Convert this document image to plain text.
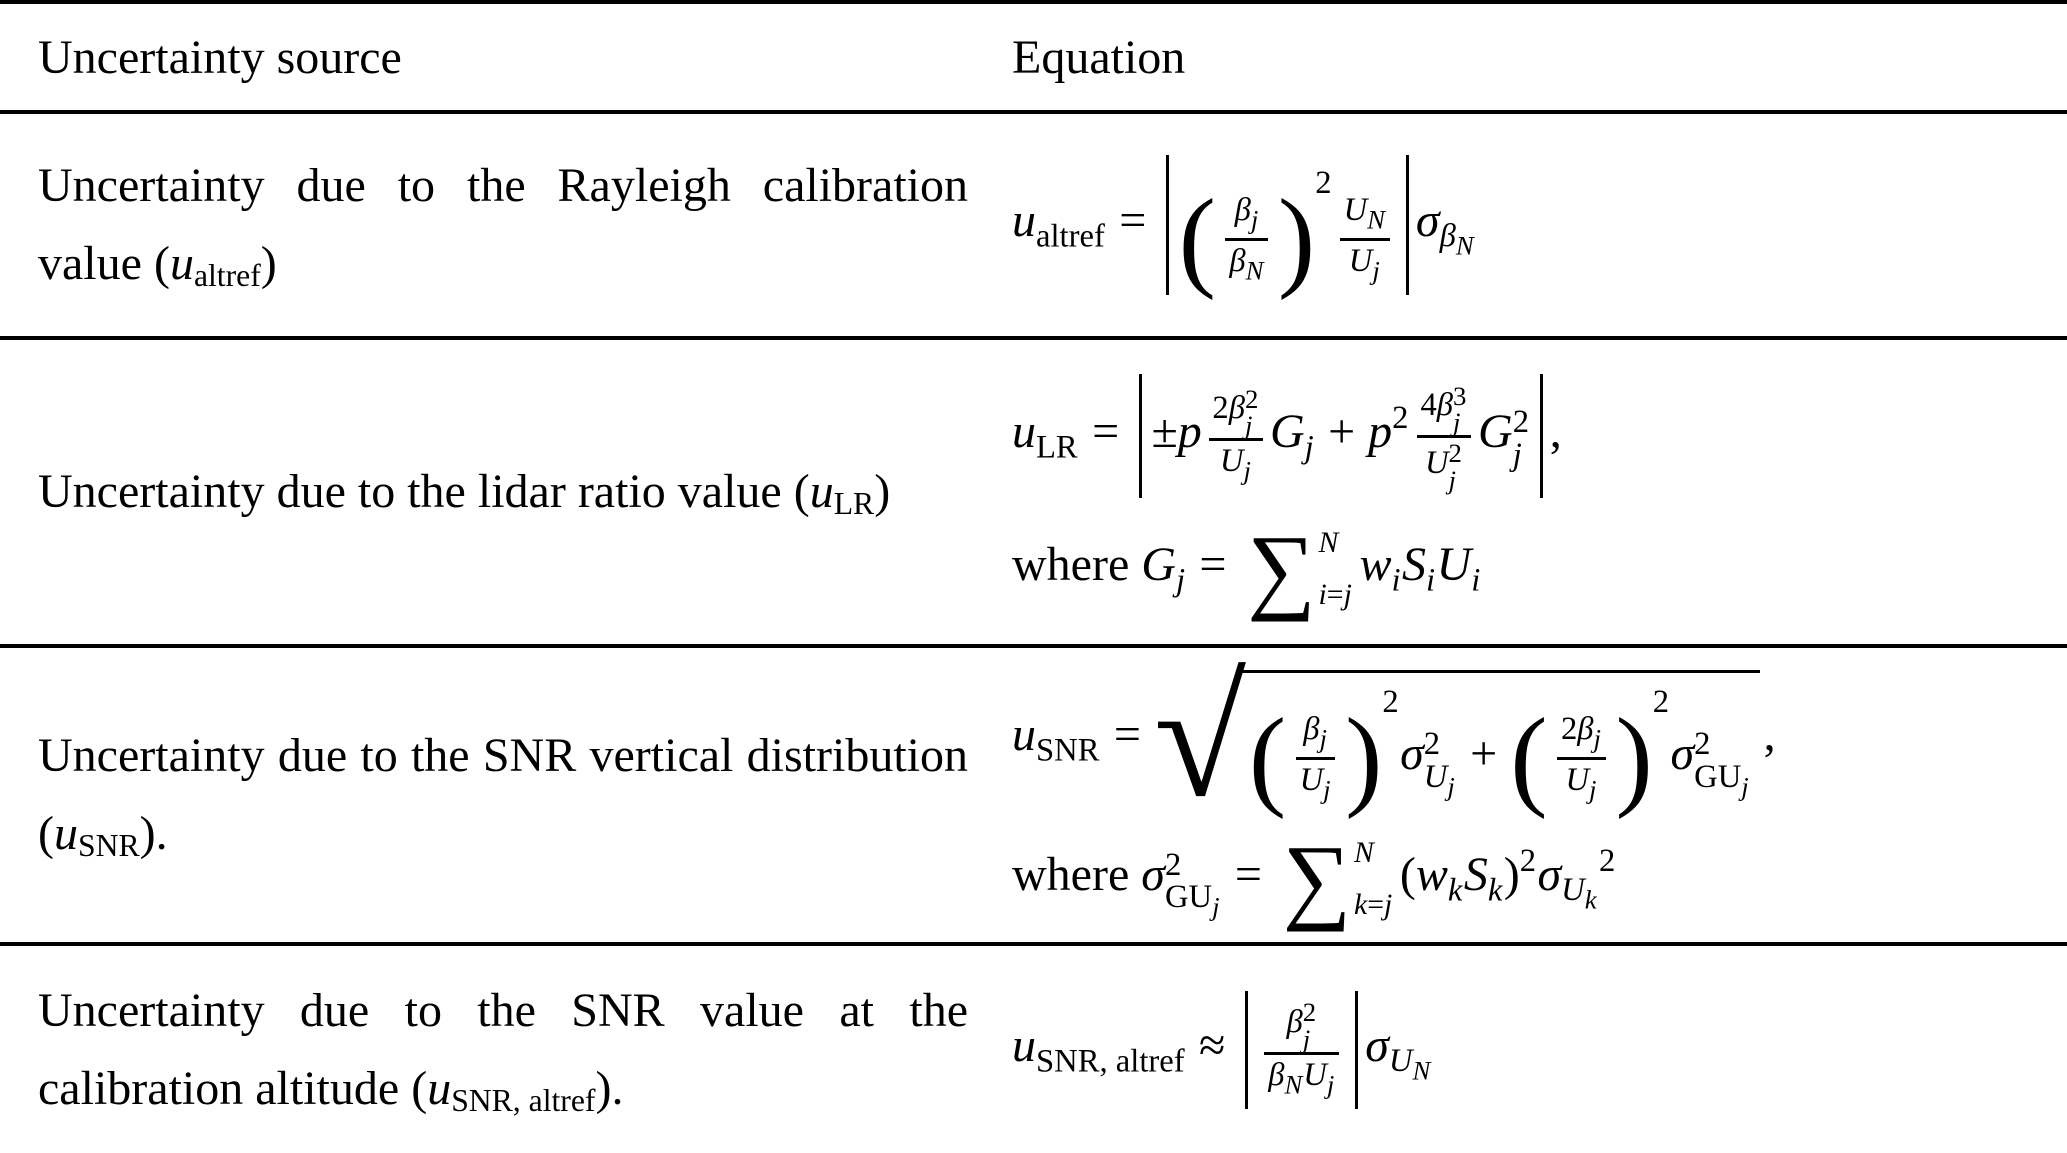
Uncertainty source	Equation
Uncertainty due to the Rayleigh calibration value (ualtref)
$u_{altref}$ = ( $\beta_j$
$\beta_N$ ) $^2$
$\frac{U_N}{U_j} \sigma_{\beta_N}$
Uncertainty due to the lidar ratio value (uLR)
$u_{LR} = \pm p$ 2β 2
j
$U_j$ $G_j + p^2$ 4β 3
j
U 2
j G 2
j ,
where $G_j$ = ∑ N
i=j
$w_iS_iU_i$
Uncertainty due to the SNR vertical distribution (uSNR).
$u_{SNR}$ = √ ( $\beta_j$
$U_j$ ) $^2$σ 2
$U_j$
+ ( $2\beta_j$
$U_j$ ) $^2$σ 2
$GU_j$
,
where σ 2
$GU_j$
= ∑ N
k=j
$(w_kS_k)^2\sigma_{U_k}^2$
Uncertainty due to the SNR value at the calibration altitude (uSNR, altref).
$u_{SNR, altref}$ ≈	β 2
j
$\beta_NU_j$
$\sigma_{U_N}$
